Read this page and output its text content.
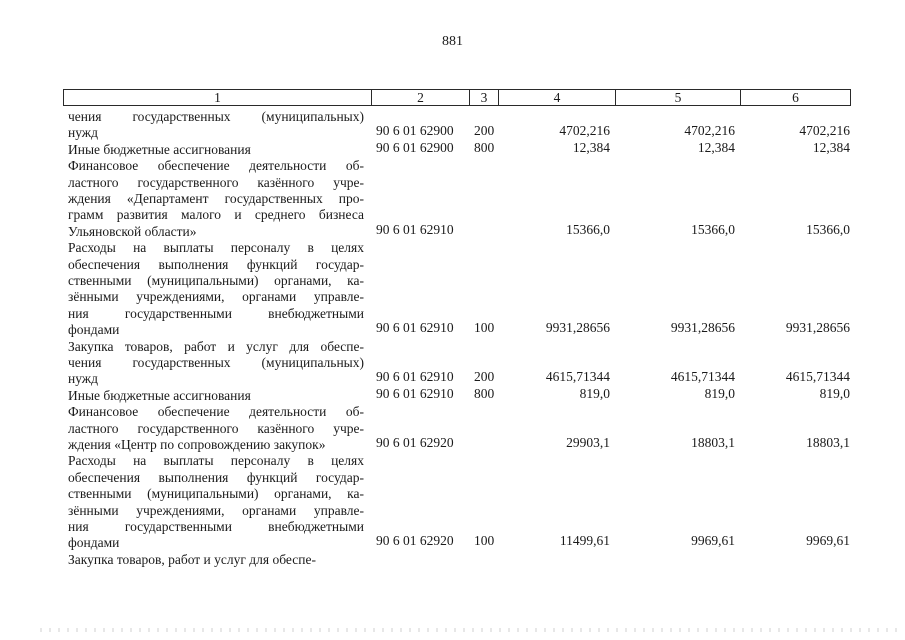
881
1	2	3	4	5	6
чения государственных (муниципальных)
нужд	90 6 01 62900 200	4702,216	4702,216	4702,216
Иные бюджетные ассигнования	90 6 01 62900 800	12,384	12,384	12,384
Финансовое обеспечение деятельности об-
ластного государственного казённого учре-
ждения «Департамент государственных про-
грамм развития малого и среднего бизнеса
Ульяновской области»	90 6 01 62910	15366,0	15366,0	15366,0
Расходы на выплаты персоналу в целях
обеспечения выполнения функций государ-
ственными (муниципальными) органами, ка-
зёнными учреждениями, органами управле-
ния государственными внебюджетными
фондами	90 6 01 62910 100	9931,28656	9931,28656	9931,28656
Закупка товаров, работ и услуг для обеспе-
чения государственных (муниципальных)
нужд	90 6 01 62910 200	4615,71344	4615,71344	4615,71344
Иные бюджетные ассигнования	90 6 01 62910 800	819,0	819,0	819,0
Финансовое обеспечение деятельности об-
ластного государственного казённого учре-
ждения «Центр по сопровождению закупок»	90 6 01 62920	29903,1	18803,1	18803,1
Расходы на выплаты персоналу в целях
обеспечения выполнения функций государ-
ственными (муниципальными) органами, ка-
зёнными учреждениями, органами управле-
ния государственными внебюджетными
фондами	90 6 01 62920 100	11499,61	9969,61	9969,61
Закупка товаров, работ и услуг для обеспе-
